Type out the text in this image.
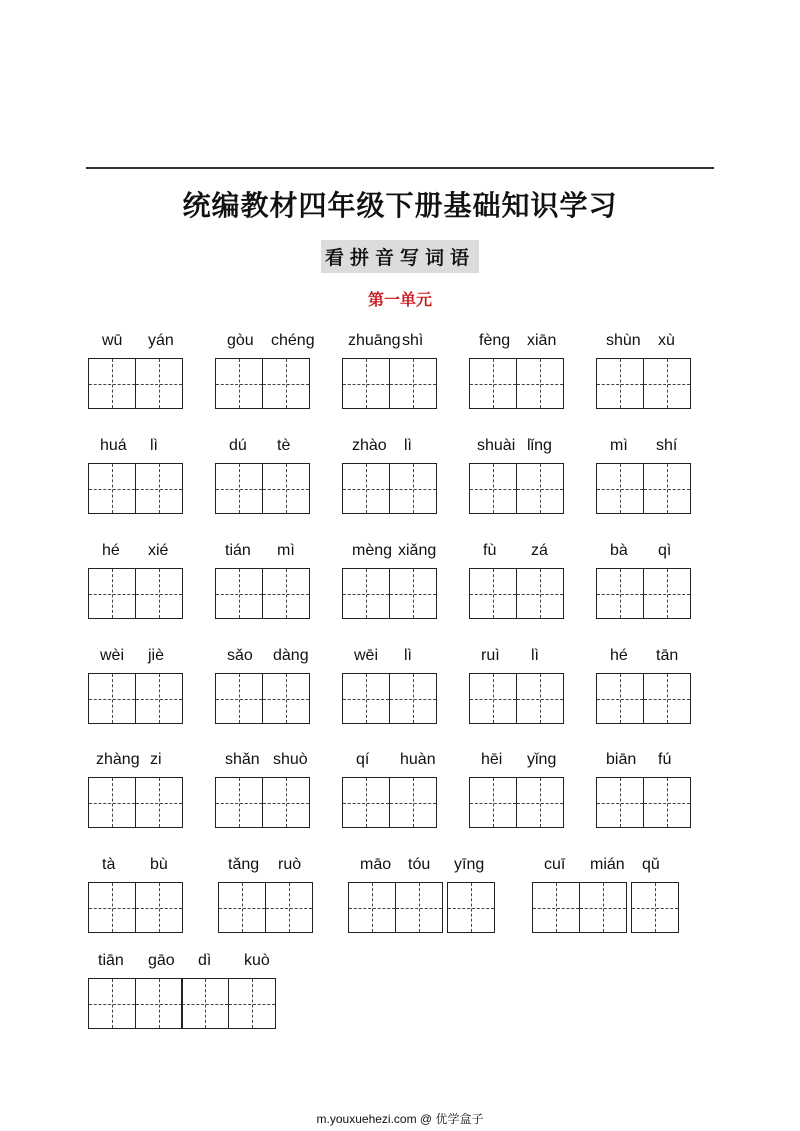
统编教材四年级下册基础知识学习
看拼音写词语
第一单元
wū yán	gòu chéng zhuāng shì	fèng xiān	shùn xù
huá lì	dú tè	zhào lì	shuài lǐng	mì shí
hé xié	tián mì	mèng xiǎng	fù zá	bà qì
wèi jiè	sǎo dàng	wēi lì	ruì lì	hé tān
zhàng zi	shǎn shuò	qí huàn	hēi yǐng	biān fú
tà bù	tǎng ruò	māo tóu yīng	cuī mián qǔ
tiān gāo dì kuò
m.youxuehezi.com @ 优学盒子
